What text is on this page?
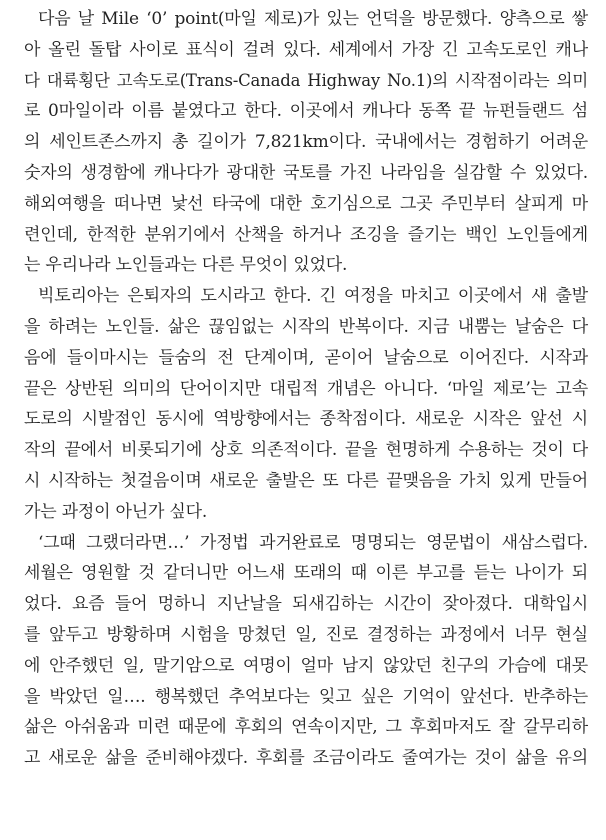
다음 날 Mile ‘0’ point(마일 제로)가 있는 언덕을 방문했다. 양측으로 쌓
아 올린 돌탑 사이로 표식이 걸려 있다. 세계에서 가장 긴 고속도로인 캐나
다 대륙횡단 고속도로(Trans-Canada Highway No.1)의 시작점이라는 의미
로 0마일이라 이름 붙였다고 한다. 이곳에서 캐나다 동쪽 끝 뉴펀들랜드 섬
의 세인트존스까지 총 길이가 7,821km이다. 국내에서는 경험하기 어려운
숫자의 생경함에 캐나다가 광대한 국토를 가진 나라임을 실감할 수 있었다.
해외여행을 떠나면 낯선 타국에 대한 호기심으로 그곳 주민부터 살피게 마
련인데, 한적한 분위기에서 산책을 하거나 조깅을 즐기는 백인 노인들에게
는 우리나라 노인들과는 다른 무엇이 있었다.
빅토리아는 은퇴자의 도시라고 한다. 긴 여정을 마치고 이곳에서 새 출발
을 하려는 노인들. 삶은 끊임없는 시작의 반복이다. 지금 내뿜는 날숨은 다
음에 들이마시는 들숨의 전 단계이며, 곧이어 날숨으로 이어진다. 시작과
끝은 상반된 의미의 단어이지만 대립적 개념은 아니다. ‘마일 제로’는 고속
도로의 시발점인 동시에 역방향에서는 종착점이다. 새로운 시작은 앞선 시
작의 끝에서 비롯되기에 상호 의존적이다. 끝을 현명하게 수용하는 것이 다
시 시작하는 첫걸음이며 새로운 출발은 또 다른 끝맺음을 가치 있게 만들어
가는 과정이 아닌가 싶다.
‘그때 그랬더라면…’ 가정법 과거완료로 명명되는 영문법이 새삼스럽다.
세월은 영원할 것 같더니만 어느새 또래의 때 이른 부고를 듣는 나이가 되
었다. 요즘 들어 멍하니 지난날을 되새김하는 시간이 잦아졌다. 대학입시
를 앞두고 방황하며 시험을 망쳤던 일, 진로 결정하는 과정에서 너무 현실
에 안주했던 일, 말기암으로 여명이 얼마 남지 않았던 친구의 가슴에 대못
을 박았던 일…. 행복했던 추억보다는 잊고 싶은 기억이 앞선다. 반추하는
삶은 아쉬움과 미련 때문에 후회의 연속이지만, 그 후회마저도 잘 갈무리하
고 새로운 삶을 준비해야겠다. 후회를 조금이라도 줄여가는 것이 삶을 유의
